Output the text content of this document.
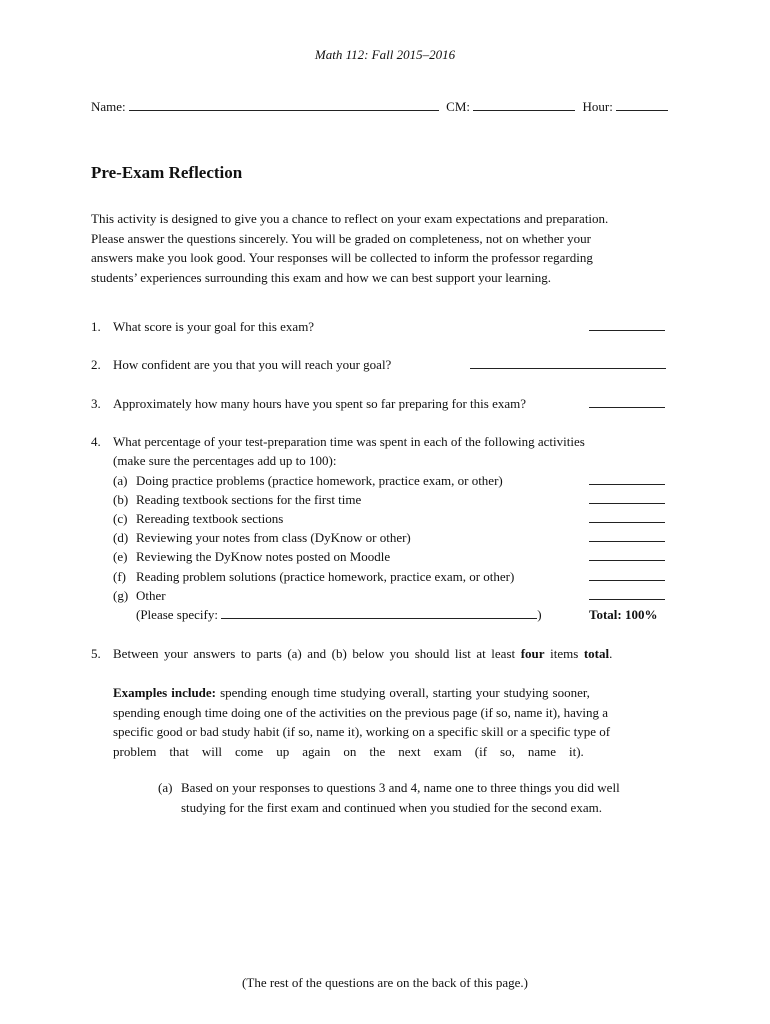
Math 112: Fall 2015–2016
Name:	CM:	Hour:
Pre-Exam Reflection
This activity is designed to give you a chance to reflect on your exam expectations and preparation.
Please answer the questions sincerely. You will be graded on completeness, not on whether your
answers make you look good. Your responses will be collected to inform the professor regarding
students’ experiences surrounding this exam and how we can best support your learning.
1. What score is your goal for this exam?
2. How confident are you that you will reach your goal?
3. Approximately how many hours have you spent so far preparing for this exam?
4. What percentage of your test-preparation time was spent in each of the following activities
(make sure the percentages add up to 100):
(a) Doing practice problems (practice homework, practice exam, or other)
(b) Reading textbook sections for the first time
(c) Rereading textbook sections
(d) Reviewing your notes from class (DyKnow or other)
(e) Reviewing the DyKnow notes posted on Moodle
(f) Reading problem solutions (practice homework, practice exam, or other)
(g) Other
(Please specify:	)	Total: 100%
5. Between your answers to parts (a) and (b) below you should list at least four items total.
Examples include: spending enough time studying overall, starting your studying sooner,
spending enough time doing one of the activities on the previous page (if so, name it), having a
specific good or bad study habit (if so, name it), working on a specific skill or a specific type of
problem    that    will    come    up    again    on    the    next    exam    (if    so,    name    it).
(a) Based on your responses to questions 3 and 4, name one to three things you did well
studying for the first exam and continued when you studied for the second exam.
(The rest of the questions are on the back of this page.)
